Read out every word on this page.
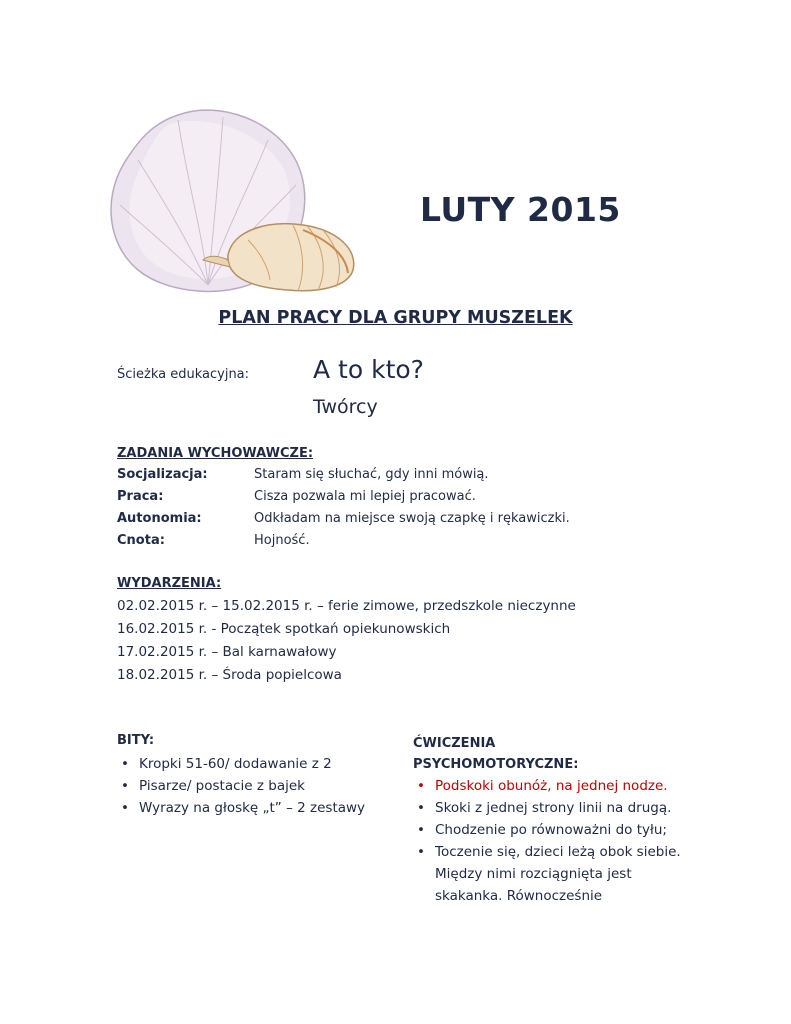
LUTY 2015
PLAN PRACY DLA GRUPY MUSZELEK
Ścieżka edukacyjna:	A to kto?
Twórcy
ZADANIA WYCHOWAWCZE:
Socjalizacja:	Staram się słuchać, gdy inni mówią.
Praca:	Cisza pozwala mi lepiej pracować.
Autonomia:	Odkładam na miejsce swoją czapkę i rękawiczki.
Cnota:	Hojność.
WYDARZENIA:
02.02.2015 r. – 15.02.2015 r. – ferie zimowe, przedszkole nieczynne
16.02.2015 r. - Początek spotkań opiekunowskich
17.02.2015 r. – Bal karnawałowy
18.02.2015 r. – Środa popielcowa
BITY:
• Kropki 51-60/ dodawanie z 2
• Pisarze/ postacie z bajek
• Wyrazy na głoskę „t” – 2 zestawy
ĆWICZENIA
PSYCHOMOTORYCZNE:
• Podskoki obunóż, na jednej nodze.
• Skoki z jednej strony linii na drugą.
• Chodzenie po równoważni do tyłu;
• Toczenie się, dzieci leżą obok siebie. Między nimi rozciągnięta jest skakanka. Równocześnie
